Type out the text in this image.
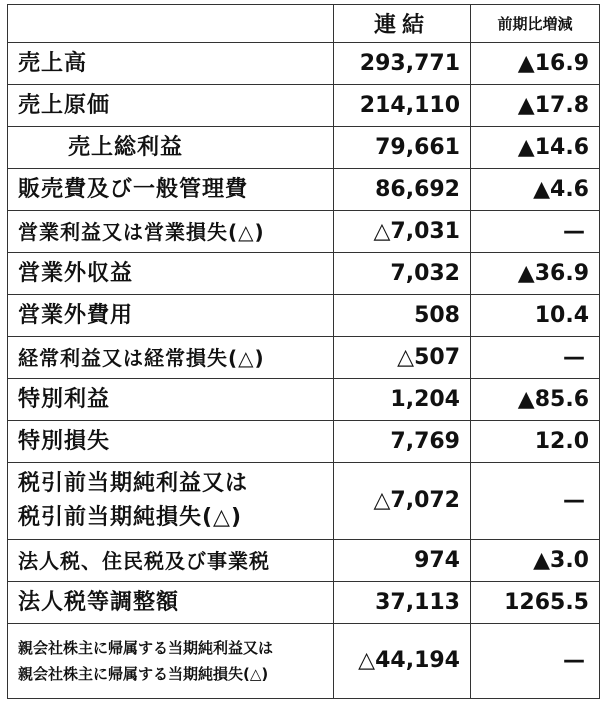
	連結	前期比増減
売上高	293,771	▲16.9
売上原価	214,110	▲17.8
売上総利益	79,661	▲14.6
販売費及び一般管理費	86,692	▲4.6
営業利益又は営業損失(△)	△7,031	—
営業外収益	7,032	▲36.9
営業外費用	508	10.4
経常利益又は経常損失(△)	△507	—
特別利益	1,204	▲85.6
特別損失	7,769	12.0

税引前当期純利益又は
税引前当期純損失(△)	△7,072	—
法人税、住民税及び事業税	974	▲3.0
法人税等調整額	37,113	1265.5

親会社株主に帰属する当期純利益又は
親会社株主に帰属する当期純損失(△)	△44,194	—
